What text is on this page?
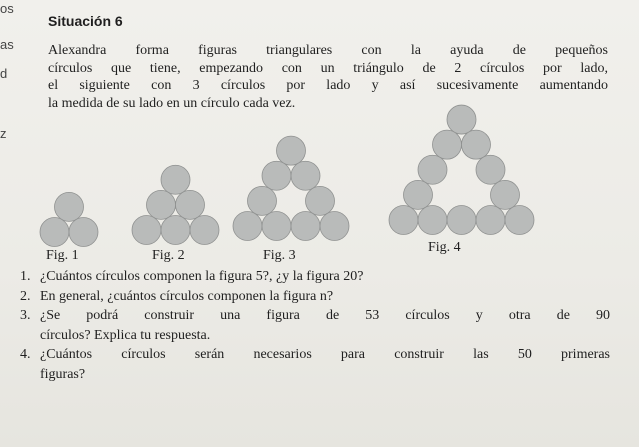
os
as
d
z
Situación 6
Alexandra forma figuras triangulares con la ayuda de pequeños
círculos que tiene, empezando con un triángulo de 2 círculos por lado,
el siguiente con 3 círculos por lado y así sucesivamente aumentando
la medida de su lado en un círculo cada vez.
Fig. 1	Fig. 2	Fig. 3
Fig. 4
1. ¿Cuántos círculos componen la figura 5?, ¿y la figura 20?
2. En general, ¿cuántos círculos componen la figura n?
3. ¿Se podrá construir una figura de 53 círculos y otra de 90
círculos? Explica tu respuesta.
4. ¿Cuántos círculos serán necesarios para construir las 50 primeras
figuras?
